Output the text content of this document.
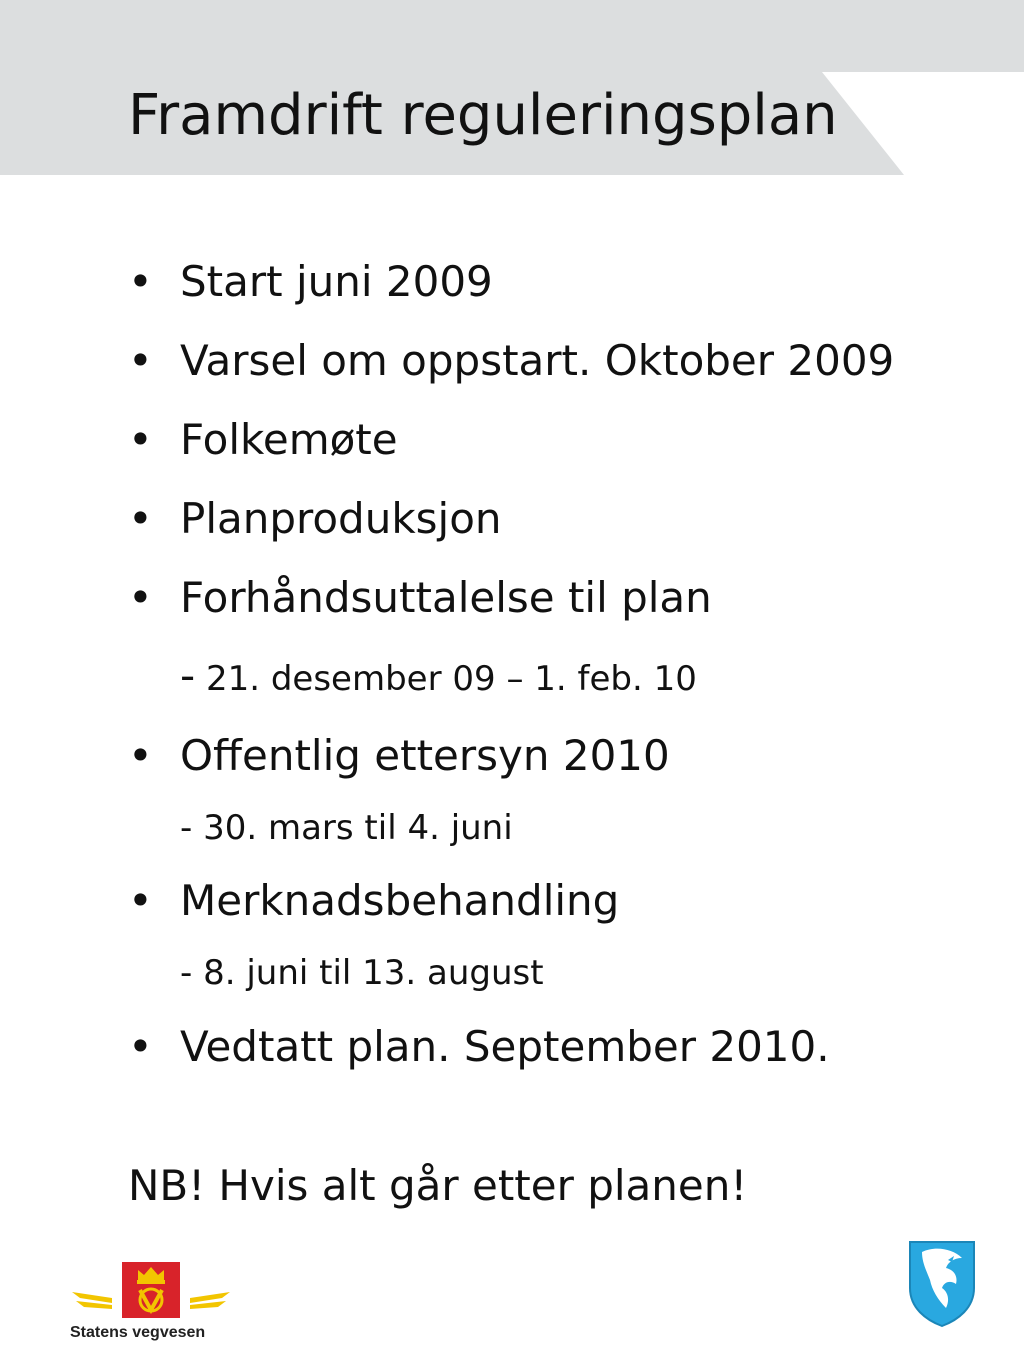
Framdrift reguleringsplan
• Start juni 2009
• Varsel om oppstart. Oktober 2009
• Folkemøte
• Planproduksjon
• Forhåndsuttalelse til plan
- 21. desember 09 – 1. feb. 10
• Offentlig ettersyn 2010
- 30. mars til 4. juni
• Merknadsbehandling
- 8. juni til 13. august
• Vedtatt plan. September 2010.
NB! Hvis alt går etter planen!
Statens vegvesen
